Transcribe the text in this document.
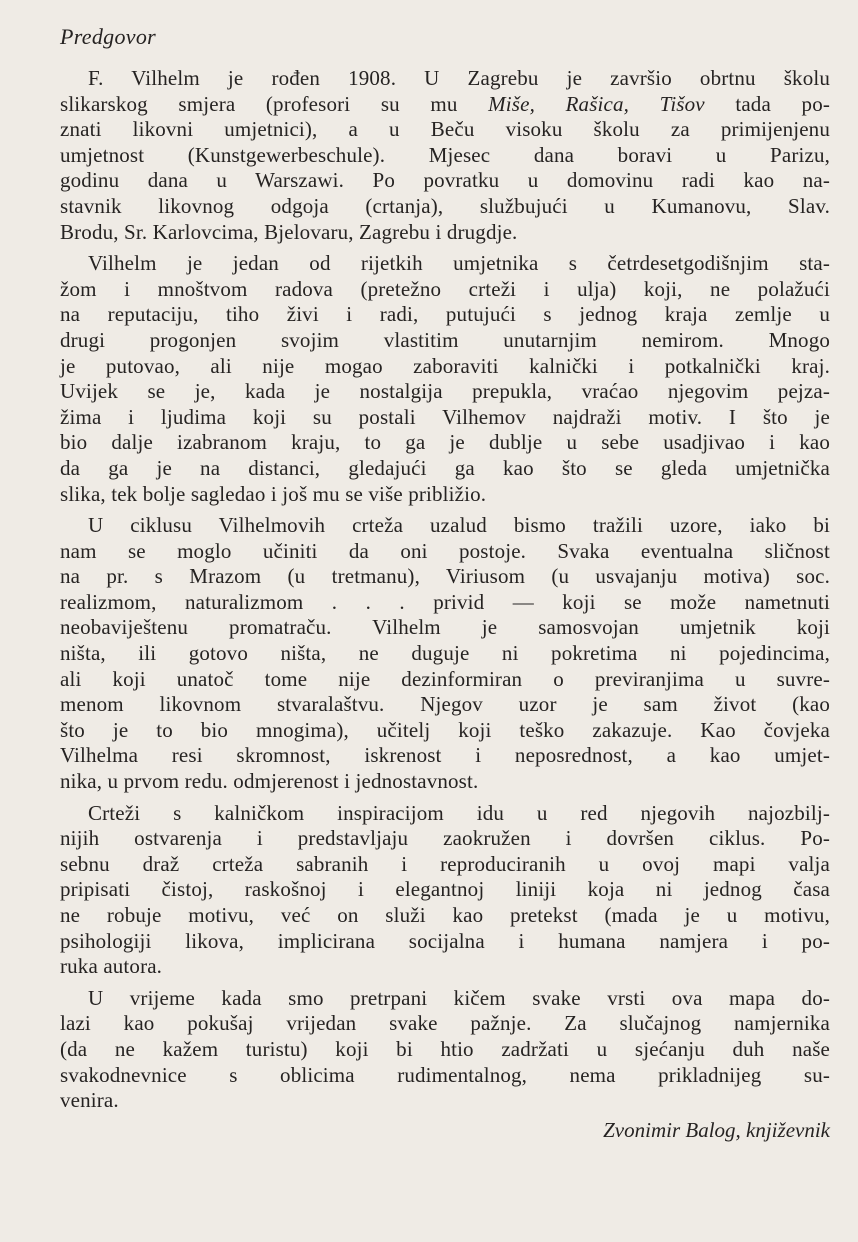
Predgovor
F. Vilhelm je rođen 1908. U Zagrebu je završio obrtnu školu
slikarskog smjera (profesori su mu Miše, Rašica, Tišov tada po-
znati likovni umjetnici), a u Beču visoku školu za primijenjenu
umjetnost (Kunstgewerbeschule). Mjesec dana boravi u Parizu,
godinu dana u Warszawi. Po povratku u domovinu radi kao na-
stavnik likovnog odgoja (crtanja), službujući u Kumanovu, Slav.
Brodu, Sr. Karlovcima, Bjelovaru, Zagrebu i drugdje.
Vilhelm je jedan od rijetkih umjetnika s četrdesetgodišnjim sta-
žom i mnoštvom radova (pretežno crteži i ulja) koji, ne polažući
na reputaciju, tiho živi i radi, putujući s jednog kraja zemlje u
drugi progonjen svojim vlastitim unutarnjim nemirom. Mnogo
je putovao, ali nije mogao zaboraviti kalnički i potkalnički kraj.
Uvijek se je, kada je nostalgija prepukla, vraćao njegovim pejza-
žima i ljudima koji su postali Vilhemov najdraži motiv. I što je
bio dalje izabranom kraju, to ga je dublje u sebe usadjivao i kao
da ga je na distanci, gledajući ga kao što se gleda umjetnička
slika, tek bolje sagledao i još mu se više približio.
U ciklusu Vilhelmovih crteža uzalud bismo tražili uzore, iako bi
nam se moglo učiniti da oni postoje. Svaka eventualna sličnost
na pr. s Mrazom (u tretmanu), Viriusom (u usvajanju motiva) soc.
realizmom, naturalizmom . . . privid — koji se može nametnuti
neobaviještenu promatraču. Vilhelm je samosvojan umjetnik koji
ništa, ili gotovo ništa, ne duguje ni pokretima ni pojedincima,
ali koji unatoč tome nije dezinformiran o previranjima u suvre-
menom likovnom stvaralaštvu. Njegov uzor je sam život (kao
što je to bio mnogima), učitelj koji teško zakazuje. Kao čovjeka
Vilhelma resi skromnost, iskrenost i neposrednost, a kao umjet-
nika, u prvom redu. odmjerenost i jednostavnost.
Crteži s kalničkom inspiracijom idu u red njegovih najozbilj-
nijih ostvarenja i predstavljaju zaokružen i dovršen ciklus. Po-
sebnu draž crteža sabranih i reproduciranih u ovoj mapi valja
pripisati čistoj, raskošnoj i elegantnoj liniji koja ni jednog časa
ne robuje motivu, već on služi kao pretekst (mada je u motivu,
psihologiji likova, implicirana socijalna i humana namjera i po-
ruka autora.
U vrijeme kada smo pretrpani kičem svake vrsti ova mapa do-
lazi kao pokušaj vrijedan svake pažnje. Za slučajnog namjernika
(da ne kažem turistu) koji bi htio zadržati u sjećanju duh naše
svakodnevnice s oblicima rudimentalnog, nema prikladnijeg su-
venira.
Zvonimir Balog, književnik
